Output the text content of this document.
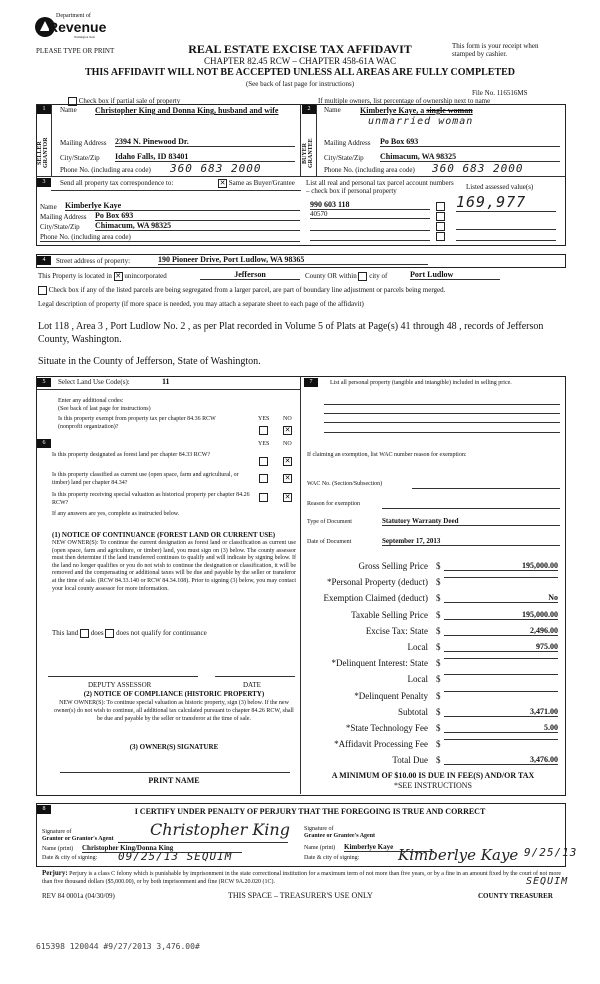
Department of
Revenue
Washington State
PLEASE TYPE OR PRINT	REAL ESTATE EXCISE TAX AFFIDAVIT
CHAPTER 82.45 RCW – CHAPTER 458-61A WAC
THIS AFFIDAVIT WILL NOT BE ACCEPTED UNLESS ALL AREAS ARE FULLY COMPLETED
(See back of last page for instructions)
This form is your receipt when stamped by cashier.
File No. 116516MS
Check box if partial sale of property	If multiple owners, list percentage of ownership next to name
1
SELLER GRANTOR
Name Christopher King and Donna King, husband and wife
Mailing Address 2394 N. Pinewood Dr.
City/State/Zip Idaho Falls, ID 83401
Phone No. (including area code) 360 683 2000
2
BUYER GRANTEE
Name Kimberlye Kaye, a single woman
unmarried woman
Mailing Address Po Box 693
City/State/Zip Chimacum, WA 98325
Phone No. (including area code) 360 683 2000
3	Send all property tax correspondence to:	✕ Same as Buyer/Grantee
Name Kimberlye Kaye
Mailing Address Po Box 693
City/State/Zip Chimacum, WA 98325
Phone No. (including area code)
List all real and personal tax parcel account numbers – check box if personal property	Listed assessed value(s)
990 603 118
40570

169,977
4	Street address of property:	190 Pioneer Drive, Port Ludlow, WA 98365
This Property is located in ✕ unincorporated	Jefferson	County OR within city of	Port Ludlow
Check box if any of the listed parcels are being segregated from a larger parcel, are part of boundary line adjustment or parcels being merged.
Legal description of property (if more space is needed, you may attach a separate sheet to each page of the affidavit)
Lot 118 , Area 3 , Port Ludlow No. 2 , as per Plat recorded in Volume 5 of Plats at Page(s) 41 through 48 , records of Jefferson County, Washington.
Situate in the County of Jefferson, State of Washington.
5	Select Land Use Code(s):	11
Enter any additional codes:
(See back of last page for instructions)
Is this property exempt from property tax per chapter 84.36 RCW (nonprofit organization)?
YES NO
✕
6	YES NO
Is this property designated as forest land per chapter 84.33 RCW?
✕
Is this property classified as current use (open space, farm and agricultural, or timber) land per chapter 84.34?
✕
Is this property receiving special valuation as historical property per chapter 84.26 RCW?
✕
If any answers are yes, complete as instructed below.
(1) NOTICE OF CONTINUANCE (FOREST LAND OR CURRENT USE)
NEW OWNER(S): To continue the current designation as forest land or classification as current use (open space, farm and agriculture, or timber) land, you must sign on (3) below. The county assessor must then determine if the land transferred continues to qualify and will indicate by signing below. If the land no longer qualifies or you do not wish to continue the designation or classification, it will be removed and the compensating or additional taxes will be due and payable by the seller or transferor at the time of sale. (RCW 84.33.140 or RCW 84.34.108). Prior to signing (3) below, you may contact your local county assessor for more information.
This land does does not qualify for continuance
DEPUTY ASSESSOR	DATE
(2) NOTICE OF COMPLIANCE (HISTORIC PROPERTY)
NEW OWNER(S): To continue special valuation as historic property, sign (3) below. If the new owner(s) do not wish to continue, all additional tax calculated pursuant to chapter 84.26 RCW, shall be due and payable by the seller or transferor at the time of sale.
(3) OWNER(S) SIGNATURE
PRINT NAME
7	List all personal property (tangible and intangible) included in selling price.
If claiming an exemption, list WAC number reason for exemption:
WAC No. (Section/Subsection)
Reason for exemption
Type of Document	Statutory Warranty Deed
Date of Document	September 17, 2013
Gross Selling Price $	195,000.00
*Personal Property (deduct) $
Exemption Claimed (deduct) $	No
Taxable Selling Price $	195,000.00
Excise Tax: State $	2,496.00
Local $	975.00
*Delinquent Interest: State $
Local $
*Delinquent Penalty $
Subtotal $	3,471.00
*State Technology Fee $	5.00
*Affidavit Processing Fee $
Total Due $	3,476.00
A MINIMUM OF $10.00 IS DUE IN FEE(S) AND/OR TAX
*SEE INSTRUCTIONS
8	I CERTIFY UNDER PENALTY OF PERJURY THAT THE FOREGOING IS TRUE AND CORRECT
Signature of
Grantor or Grantor's Agent Christopher King
Name (print) Christopher King/Donna King
Date & city of signing: 09/25/13 SEQUIM
Signature of
Grantee or Grantee's Agent
Name (print) Kimberlye Kaye
Date & city of signing:	Kimberlye Kaye 9/25/13
Perjury: Perjury is a class C felony which is punishable by imprisonment in the state correctional institution for a maximum term of not more than five years, or by a fine in an amount fixed by the court of not more than five thousand dollars ($5,000.00), or by both imprisonment and fine (RCW 9A.20.020 (1C).	SEQUIM
REV 84 0001a (04/30/09)	THIS SPACE – TREASURER'S USE ONLY	COUNTY TREASURER
615398 120044 #9/27/2013 3,476.00#
